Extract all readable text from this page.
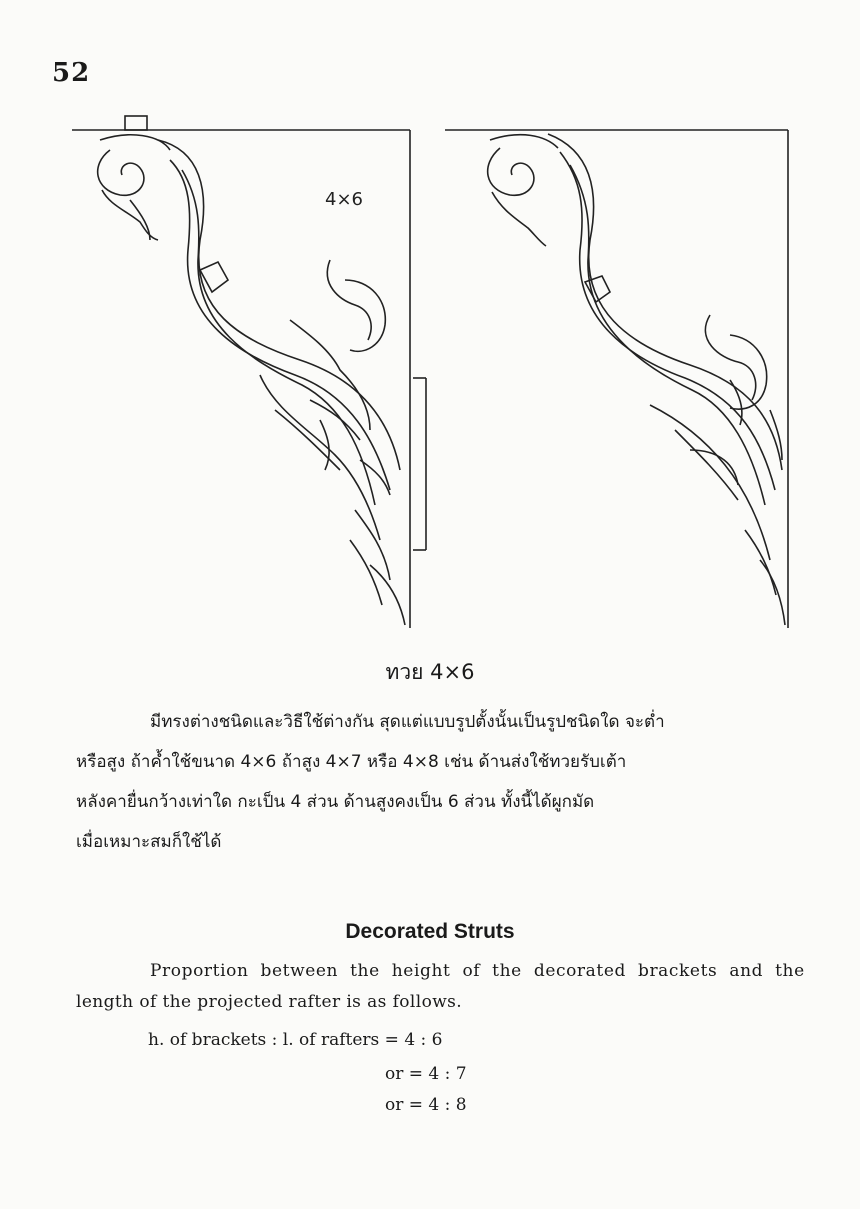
52
4×6
ทวย 4×6
มีทรงต่างชนิดและวิธีใช้ต่างกัน สุดแต่แบบรูปตั้งนั้นเป็นรูปชนิดใด จะต่ำ
หรือสูง ถ้าค้ำใช้ขนาด 4×6 ถ้าสูง 4×7 หรือ 4×8 เช่น ด้านส่งใช้ทวยรับเต้า
หลังคายื่นกว้างเท่าใด กะเป็น 4 ส่วน ด้านสูงคงเป็น 6 ส่วน ทั้งนี้ได้ผูกมัด
เมื่อเหมาะสมก็ใช้ได้
Decorated Struts
Proportion between the height of the decorated brackets and the
length of the projected rafter is as follows.
h. of brackets : l. of rafters = 4 : 6
or = 4 : 7
or = 4 : 8
